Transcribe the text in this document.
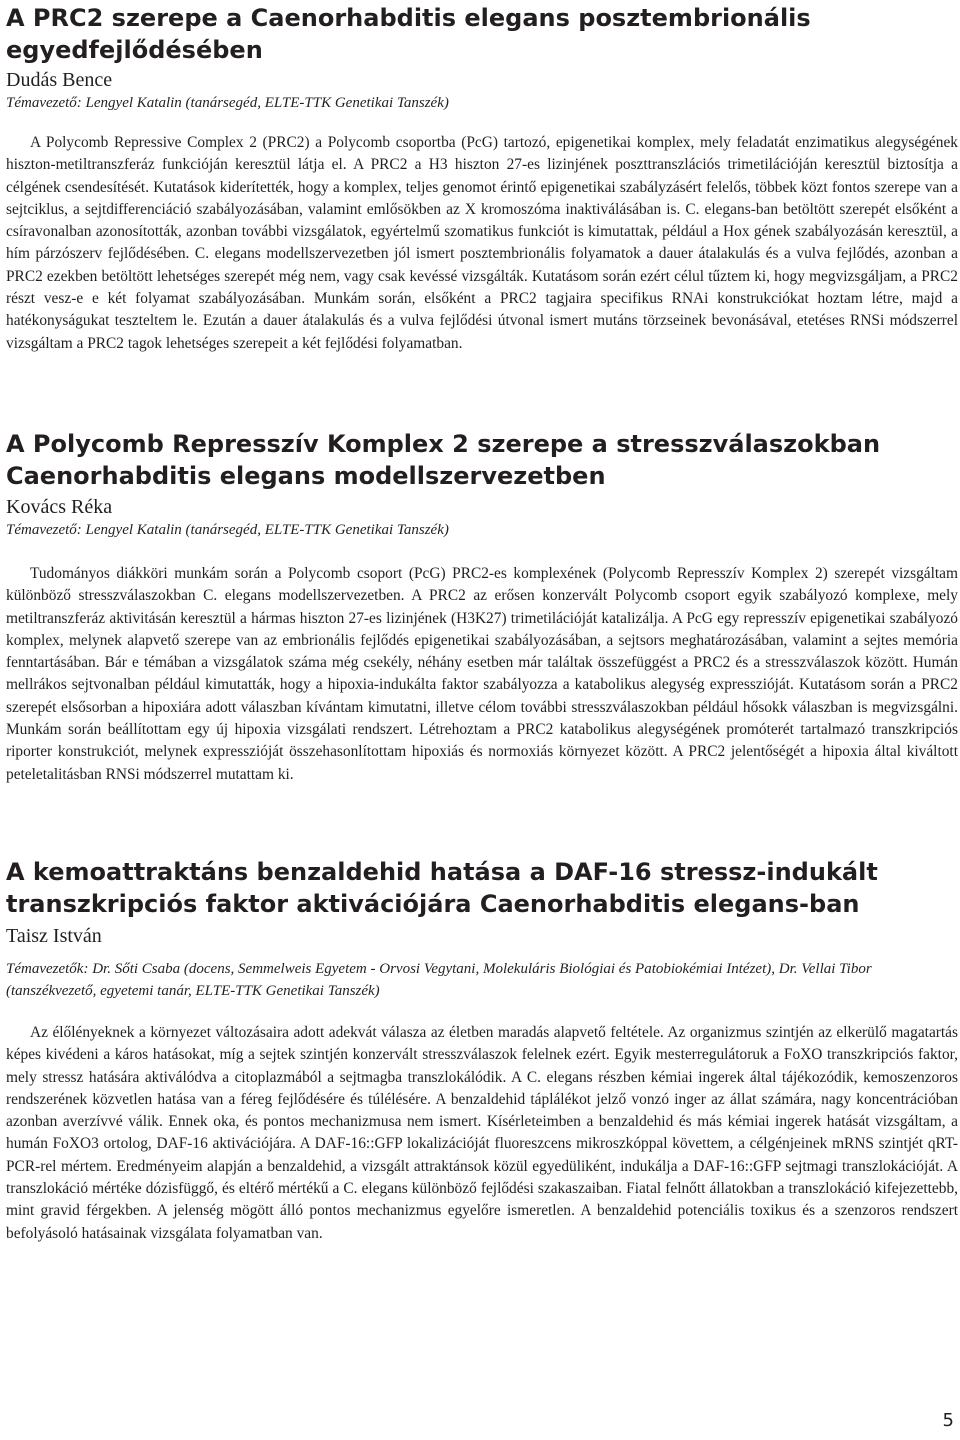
A PRC2 szerepe a Caenorhabditis elegans posztembrionális egyedfejlődésében

Dudás Bence

Témavezető: Lengyel Katalin (tanársegéd, ELTE-TTK Genetikai Tanszék)

A Polycomb Repressive Complex 2 (PRC2) a Polycomb csoportba (PcG) tartozó, epigenetikai komplex, mely feladatát enzimatikus alegységének hiszton-metiltranszferáz funkcióján keresztül látja el. A PRC2 a H3 hiszton 27-es lizinjének poszttranszlációs trimetilációján keresztül biztosítja a célgének csendesítését. Kutatások kiderítették, hogy a komplex, teljes genomot érintő epigenetikai szabályzásért felelős, többek közt fontos szerepe van a sejtciklus, a sejtdifferenciáció szabályozásában, valamint emlősökben az X kromoszóma inaktiválásában is. C. elegans-ban betöltött szerepét elsőként a csíravonalban azonosították, azonban további vizsgálatok, egyértelmű szomatikus funkciót is kimutattak, például a Hox gének szabályozásán keresztül, a hím párzószerv fejlődésében. C. elegans modellszervezetben jól ismert posztembrionális folyamatok a dauer átalakulás és a vulva fejlődés, azonban a PRC2 ezekben betöltött lehetséges szerepét még nem, vagy csak kevéssé vizsgálták. Kutatásom során ezért célul tűztem ki, hogy megvizsgáljam, a PRC2 részt vesz-e e két folyamat szabályozásában. Munkám során, elsőként a PRC2 tagjaira specifikus RNAi konstrukciókat hoztam létre, majd a hatékonyságukat teszteltem le. Ezután a dauer átalakulás és a vulva fejlődési útvonal ismert mutáns törzseinek bevonásával, etetéses RNSi módszerrel vizsgáltam a PRC2 tagok lehetséges szerepeit a két fejlődési folyamatban.

A Polycomb Represszív Komplex 2 szerepe a stresszválaszokban Caenorhabditis elegans modellszervezetben

Kovács Réka

Témavezető: Lengyel Katalin (tanársegéd, ELTE-TTK Genetikai Tanszék)

Tudományos diákköri munkám során a Polycomb csoport (PcG) PRC2-es komplexének (Polycomb Represszív Komplex 2) szerepét vizsgáltam különböző stresszválaszokban C. elegans modellszervezetben. A PRC2 az erősen konzervált Polycomb csoport egyik szabályozó komplexe, mely metiltranszferáz aktivitásán keresztül a hármas hiszton 27-es lizinjének (H3K27) trimetilációját katalizálja. A PcG egy represszív epigenetikai szabályozó komplex, melynek alapvető szerepe van az embrionális fejlődés epigenetikai szabályozásában, a sejtsors meghatározásában, valamint a sejtes memória fenntartásában. Bár e témában a vizsgálatok száma még csekély, néhány esetben már találtak összefüggést a PRC2 és a stresszválaszok között. Humán mellrákos sejtvonalban például kimutatták, hogy a hipoxia-indukálta faktor szabályozza a katabolikus alegység expresszióját. Kutatásom során a PRC2 szerepét elsősorban a hipoxiára adott válaszban kívántam kimutatni, illetve célom további stresszválaszokban például hősokk válaszban is megvizsgálni. Munkám során beállítottam egy új hipoxia vizsgálati rendszert. Létrehoztam a PRC2 katabolikus alegységének promóterét tartalmazó transzkripciós riporter konstrukciót, melynek expresszióját összehasonlítottam hipoxiás és normoxiás környezet között. A PRC2 jelentőségét a hipoxia által kiváltott peteletalitásban RNSi módszerrel mutattam ki.

A kemoattraktáns benzaldehid hatása a DAF-16 stressz-indukált transzkripciós faktor aktivációjára Caenorhabditis elegans-ban

Taisz István

Témavezetők: Dr. Sőti Csaba (docens, Semmelweis Egyetem - Orvosi Vegytani, Molekuláris Biológiai és Patobiokémiai Intézet), Dr. Vellai Tibor (tanszékvezető, egyetemi tanár, ELTE-TTK Genetikai Tanszék)

Az élőlényeknek a környezet változásaira adott adekvát válasza az életben maradás alapvető feltétele. Az organizmus szintjén az elkerülő magatartás képes kivédeni a káros hatásokat, míg a sejtek szintjén konzervált stresszválaszok felelnek ezért. Egyik mesterregulátoruk a FoXO transzkripciós faktor, mely stressz hatására aktiválódva a citoplazmából a sejtmagba transzlokálódik. A C. elegans részben kémiai ingerek által tájékozódik, kemoszenzoros rendszerének közvetlen hatása van a féreg fejlődésére és túlélésére. A benzaldehid táplálékot jelző vonzó inger az állat számára, nagy koncentrációban azonban averzívvé válik. Ennek oka, és pontos mechanizmusa nem ismert. Kísérleteimben a benzaldehid és más kémiai ingerek hatását vizsgáltam, a humán FoXO3 ortolog, DAF-16 aktivációjára. A DAF-16::GFP lokalizációját fluoreszcens mikroszkóppal követtem, a célgénjeinek mRNS szintjét qRT-PCR-rel mértem. Eredményeim alapján a benzaldehid, a vizsgált attraktánsok közül egyedüliként, indukálja a DAF-16::GFP sejtmagi transzlokációját. A transzlokáció mértéke dózisfüggő, és eltérő mértékű a C. elegans különböző fejlődési szakaszaiban. Fiatal felnőtt állatokban a transzlokáció kifejezettebb, mint gravid férgekben. A jelenség mögött álló pontos mechanizmus egyelőre ismeretlen. A benzaldehid potenciális toxikus és a szenzoros rendszert befolyásoló hatásainak vizsgálata folyamatban van.

5
